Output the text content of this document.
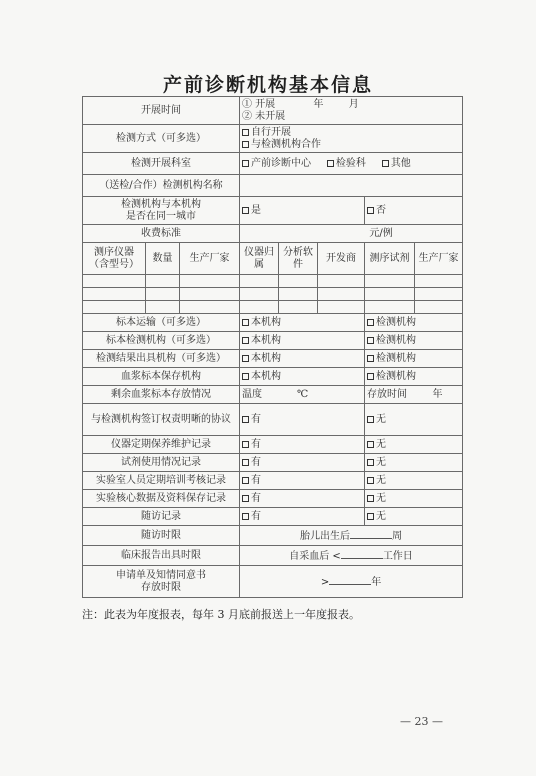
产前诊断机构基本信息
开展时间			① 开展 年 月
② 未开展				

检测方式（可多选）			自行开展
与检测机构合作				

检测开展科室			产前诊断中心 检验科 其他				
（送检/合作）检测机构名称							

检测机构与本机构
是否在同一城市			是			否	
收费标准			元/例				
测序仪器（含型号）	数量	生产厂家	仪器归属	分析软件	开发商	测序试剂	生产厂家

标本运输（可多选）			本机构			检测机构	
标本检测机构（可多选）			本机构			检测机构	
检测结果出具机构（可多选）			本机构			检测机构	
血浆标本保存机构			本机构			检测机构	
剩余血浆标本存放情况			温度 ℃			存放时间 年	
与检测机构签订权责明晰的协议			有			无	
仪器定期保养维护记录			有			无	
试剂使用情况记录			有			无	
实验室人员定期培训考核记录			有			无	
实验核心数据及资料保存记录			有			无	
随访记录			有			无	
随访时限			胎儿出生后 周				
临床报告出具时限			自采血后 < 工作日				

申请单及知情同意书
存放时限			> 年				
注：此表为年度报表，每年 3 月底前报送上一年度报表。
— 23 —
